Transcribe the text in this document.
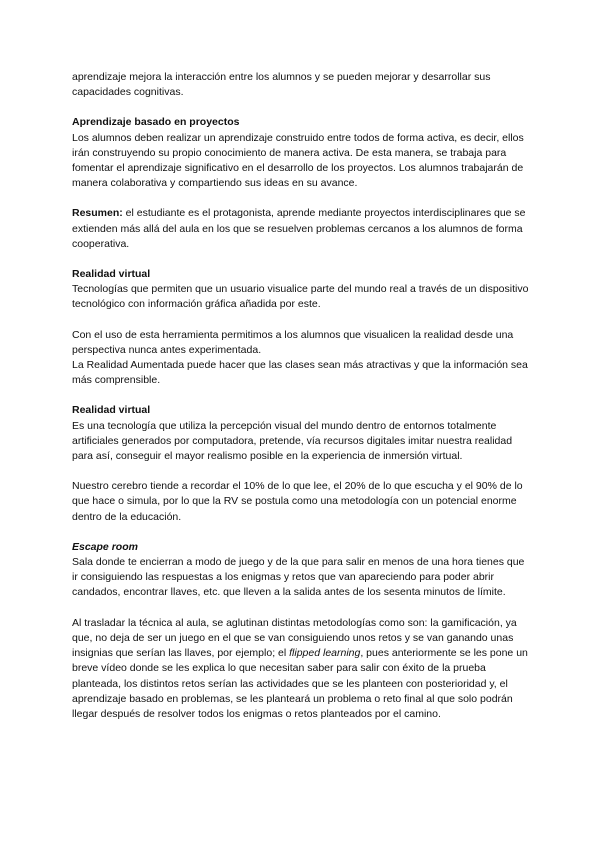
aprendizaje mejora la interacción entre los alumnos y se pueden mejorar y desarrollar sus capacidades cognitivas.

Aprendizaje basado en proyectos

Los alumnos deben realizar un aprendizaje construido entre todos de forma activa, es decir, ellos irán construyendo su propio conocimiento de manera activa. De esta manera, se trabaja para fomentar el aprendizaje significativo en el desarrollo de los proyectos. Los alumnos trabajarán de manera colaborativa y compartiendo sus ideas en su avance.

Resumen: el estudiante es el protagonista, aprende mediante proyectos interdisciplinares que se extienden más allá del aula en los que se resuelven problemas cercanos a los alumnos de forma cooperativa.

Realidad virtual

Tecnologías que permiten que un usuario visualice parte del mundo real a través de un dispositivo tecnológico con información gráfica añadida por este.

Con el uso de esta herramienta permitimos a los alumnos que visualicen la realidad desde una perspectiva nunca antes experimentada.

La Realidad Aumentada puede hacer que las clases sean más atractivas y que la información sea más comprensible.

Realidad virtual

Es una tecnología que utiliza la percepción visual del mundo dentro de entornos totalmente artificiales generados por computadora, pretende, vía recursos digitales imitar nuestra realidad para así, conseguir el mayor realismo posible en la experiencia de inmersión virtual.

Nuestro cerebro tiende a recordar el 10% de lo que lee, el 20% de lo que escucha y el 90% de lo que hace o simula, por lo que la RV se postula como una metodología con un potencial enorme dentro de la educación.

Escape room

Sala donde te encierran a modo de juego y de la que para salir en menos de una hora tienes que ir consiguiendo las respuestas a los enigmas y retos que van apareciendo para poder abrir candados, encontrar llaves, etc. que lleven a la salida antes de los sesenta minutos de límite.

Al trasladar la técnica al aula, se aglutinan distintas metodologías como son: la gamificación, ya que, no deja de ser un juego en el que se van consiguiendo unos retos y se van ganando unas insignias que serían las llaves, por ejemplo; el flipped learning, pues anteriormente se les pone un breve vídeo donde se les explica lo que necesitan saber para salir con éxito de la prueba planteada, los distintos retos serían las actividades que se les planteen con posterioridad y, el aprendizaje basado en problemas, se les planteará un problema o reto final al que solo podrán llegar después de resolver todos los enigmas o retos planteados por el camino.
